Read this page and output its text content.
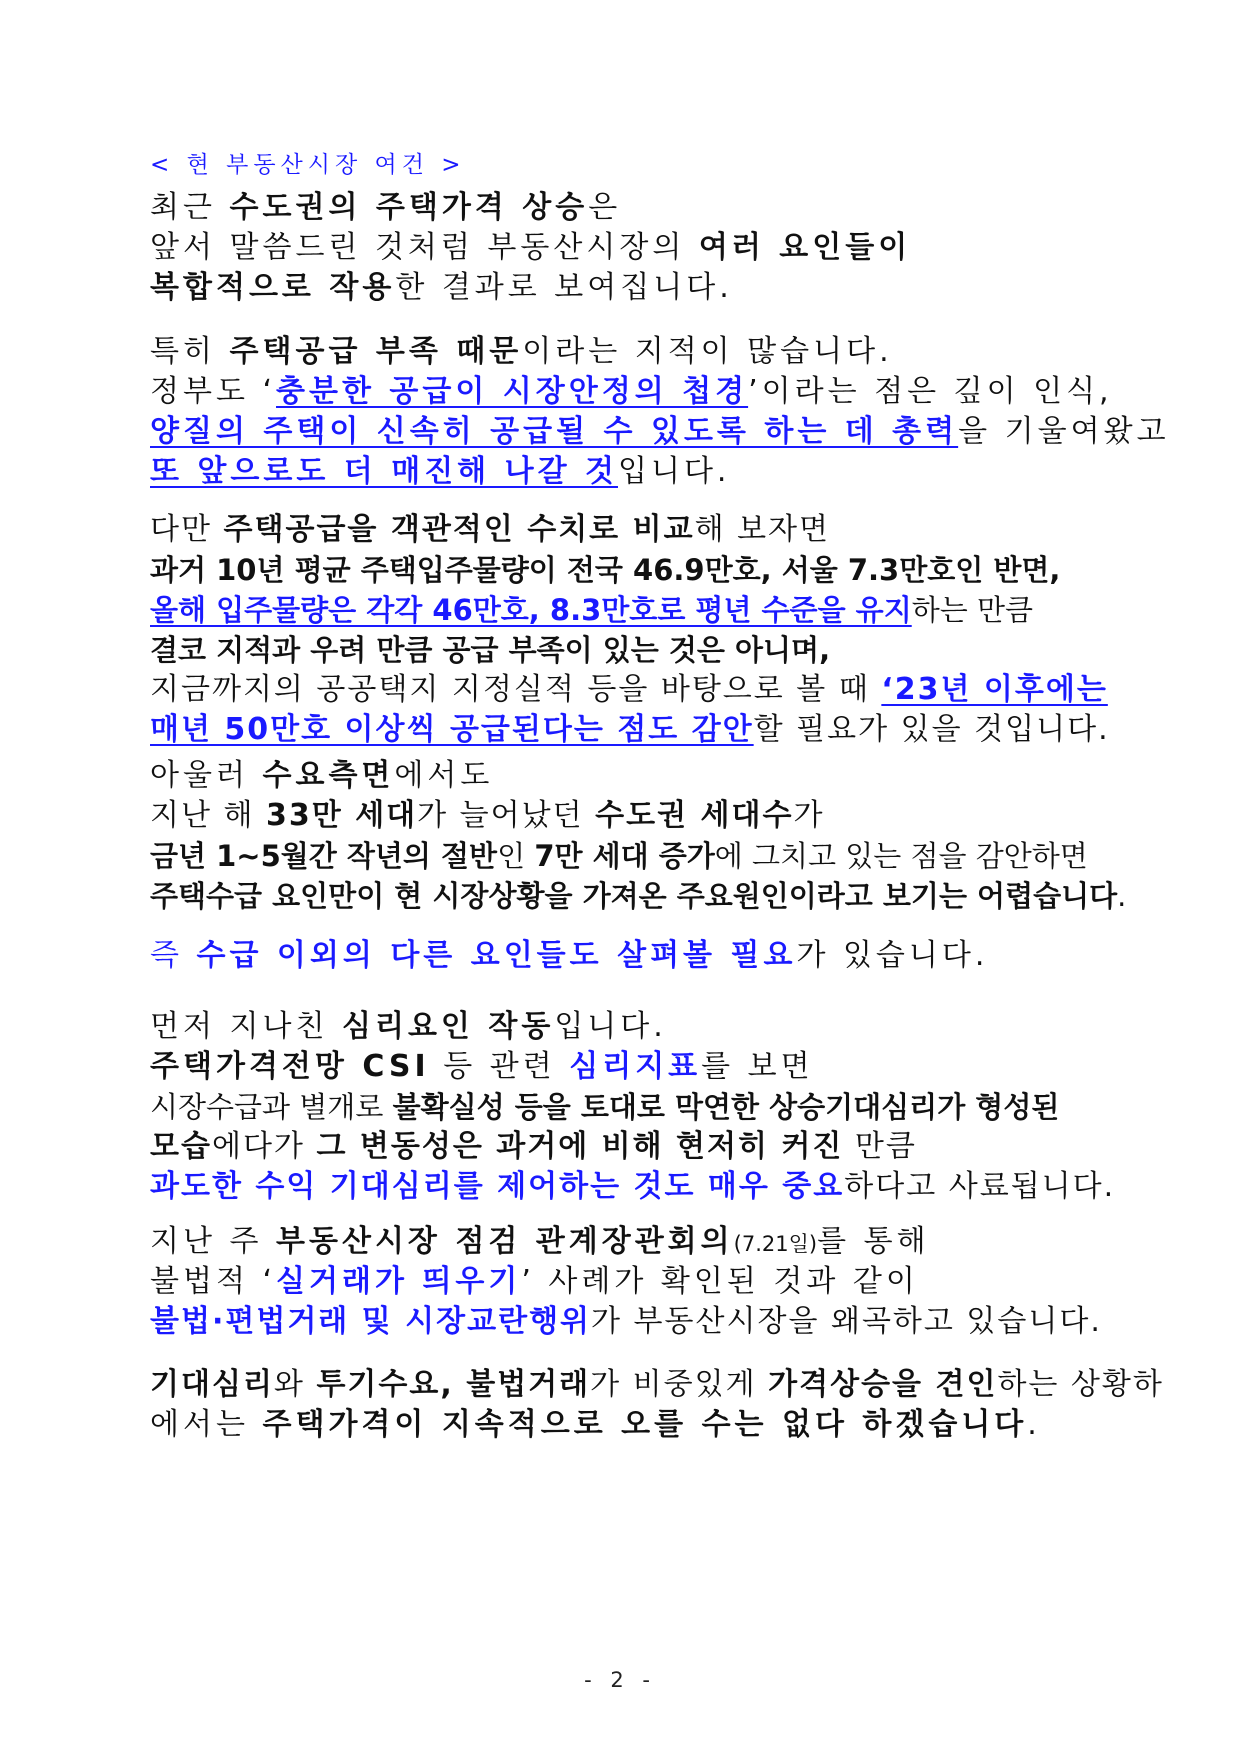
< 현 부동산시장 여건 >
최근 수도권의 주택가격 상승은
앞서 말씀드린 것처럼 부동산시장의 여러 요인들이
복합적으로 작용한 결과로 보여집니다.
특히 주택공급 부족 때문이라는 지적이 많습니다.
정부도 ‘충분한 공급이 시장안정의 첩경’이라는 점은 깊이 인식,
양질의 주택이 신속히 공급될 수 있도록 하는 데 총력을 기울여왔고
또 앞으로도 더 매진해 나갈 것입니다.
다만 주택공급을 객관적인 수치로 비교해 보자면
과거 10년 평균 주택입주물량이 전국 46.9만호, 서울 7.3만호인 반면,
올해 입주물량은 각각 46만호, 8.3만호로 평년 수준을 유지하는 만큼
결코 지적과 우려 만큼 공급 부족이 있는 것은 아니며,
지금까지의 공공택지 지정실적 등을 바탕으로 볼 때 ‘23년 이후에는
매년 50만호 이상씩 공급된다는 점도 감안할 필요가 있을 것입니다.
아울러 수요측면에서도
지난 해 33만 세대가 늘어났던 수도권 세대수가
금년 1~5월간 작년의 절반인 7만 세대 증가에 그치고 있는 점을 감안하면
주택수급 요인만이 현 시장상황을 가져온 주요원인이라고 보기는 어렵습니다.
즉 수급 이외의 다른 요인들도 살펴볼 필요가 있습니다.
먼저 지나친 심리요인 작동입니다.
주택가격전망 CSI 등 관련 심리지표를 보면
시장수급과 별개로 불확실성 등을 토대로 막연한 상승기대심리가 형성된
모습에다가 그 변동성은 과거에 비해 현저히 커진 만큼
과도한 수익 기대심리를 제어하는 것도 매우 중요하다고 사료됩니다.
지난 주 부동산시장 점검 관계장관회의(7.21일)를 통해
불법적 ‘실거래가 띄우기’ 사례가 확인된 것과 같이
불법·편법거래 및 시장교란행위가 부동산시장을 왜곡하고 있습니다.
기대심리와 투기수요, 불법거래가 비중있게 가격상승을 견인하는 상황하
에서는 주택가격이 지속적으로 오를 수는 없다 하겠습니다.
- 2 -
